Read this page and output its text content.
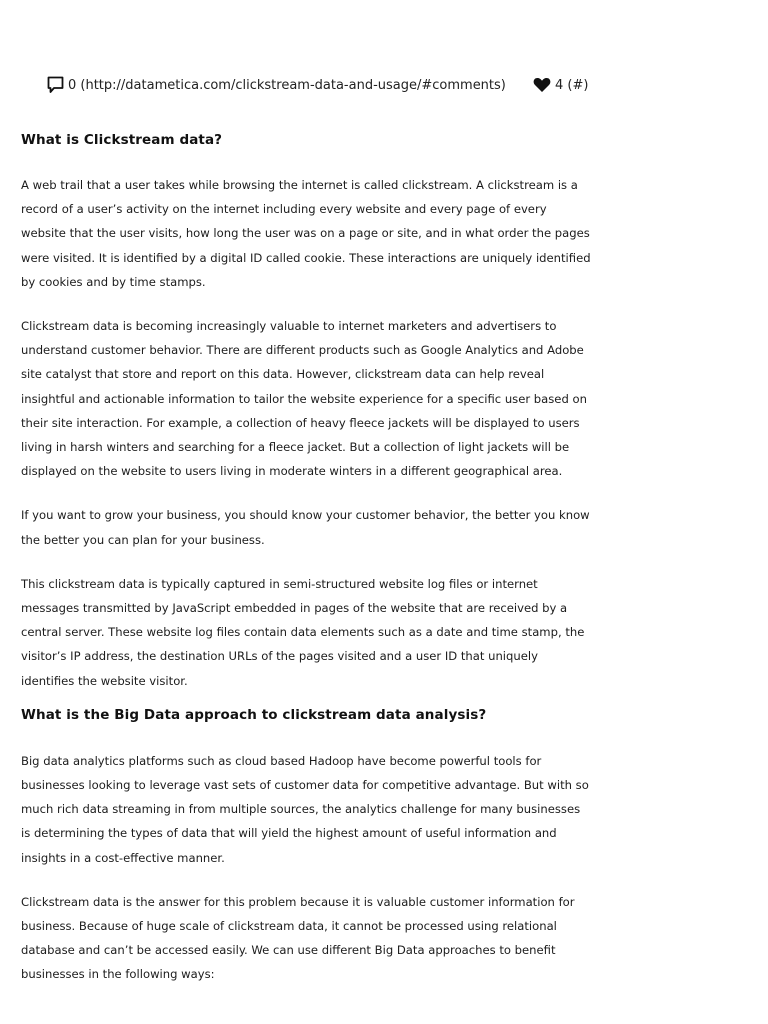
0 (http://datametica.com/clickstream-data-and-usage/#comments)	4 (#)
What is Clickstream data?

A web trail that a user takes while browsing the internet is called clickstream. A clickstream is a record of a user’s activity on the internet including every website and every page of every website that the user visits, how long the user was on a page or site, and in what order the pages were visited. It is identified by a digital ID called cookie. These interactions are uniquely identified by cookies and by time stamps.

Clickstream data is becoming increasingly valuable to internet marketers and advertisers to understand customer behavior. There are different products such as Google Analytics and Adobe site catalyst that store and report on this data. However, clickstream data can help reveal insightful and actionable information to tailor the website experience for a specific user based on their site interaction. For example, a collection of heavy fleece jackets will be displayed to users living in harsh winters and searching for a fleece jacket. But a collection of light jackets will be displayed on the website to users living in moderate winters in a different geographical area.

If you want to grow your business, you should know your customer behavior, the better you know the better you can plan for your business.

This clickstream data is typically captured in semi-structured website log files or internet messages transmitted by JavaScript embedded in pages of the website that are received by a central server. These website log files contain data elements such as a date and time stamp, the visitor’s IP address, the destination URLs of the pages visited and a user ID that uniquely identifies the website visitor.

What is the Big Data approach to clickstream data analysis?

Big data analytics platforms such as cloud based Hadoop have become powerful tools for businesses looking to leverage vast sets of customer data for competitive advantage. But with so much rich data streaming in from multiple sources, the analytics challenge for many businesses is determining the types of data that will yield the highest amount of useful information and insights in a cost-effective manner.

Clickstream data is the answer for this problem because it is valuable customer information for business. Because of huge scale of clickstream data, it cannot be processed using relational database and can’t be accessed easily. We can use different Big Data approaches to benefit businesses in the following ways:
